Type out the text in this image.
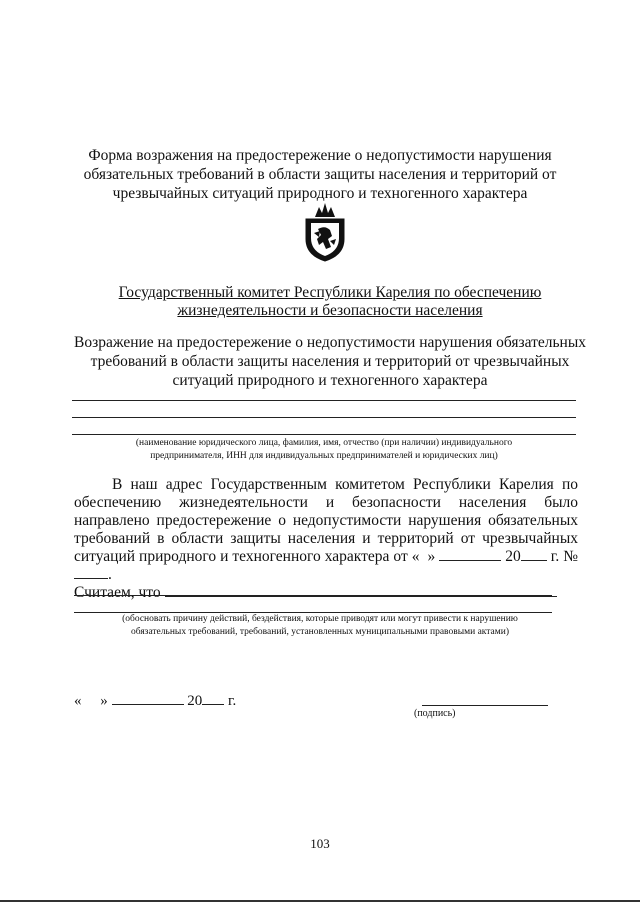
Форма возражения на предостережение о недопустимости нарушения обязательных требований в области защиты населения и территорий от чрезвычайных ситуаций природного и техногенного характера
Государственный комитет Республики Карелия по обеспечению
жизнедеятельности и безопасности населения
Возражение на предостережение о недопустимости нарушения обязательных требований в области защиты населения и территорий от чрезвычайных ситуаций природного и техногенного характера
(наименование юридического лица, фамилия, имя, отчество (при наличии) индивидуального
предпринимателя, ИНН для индивидуальных предпринимателей и юридических лиц)

В наш адрес Государственным комитетом Республики Карелия по обеспечению жизнедеятельности и безопасности населения было направлено предостережение о недопустимости нарушения обязательных требований в области защиты населения и территорий от чрезвычайных ситуаций природного и техногенного характера от « »	20 г. № .

Считаем, что

(обосновать причину действий, бездействия, которые приводят или могут привести к нарушению
обязательных требований, требований, установленных муниципальными правовыми актами)
« »	20 г.
(подпись)
103
